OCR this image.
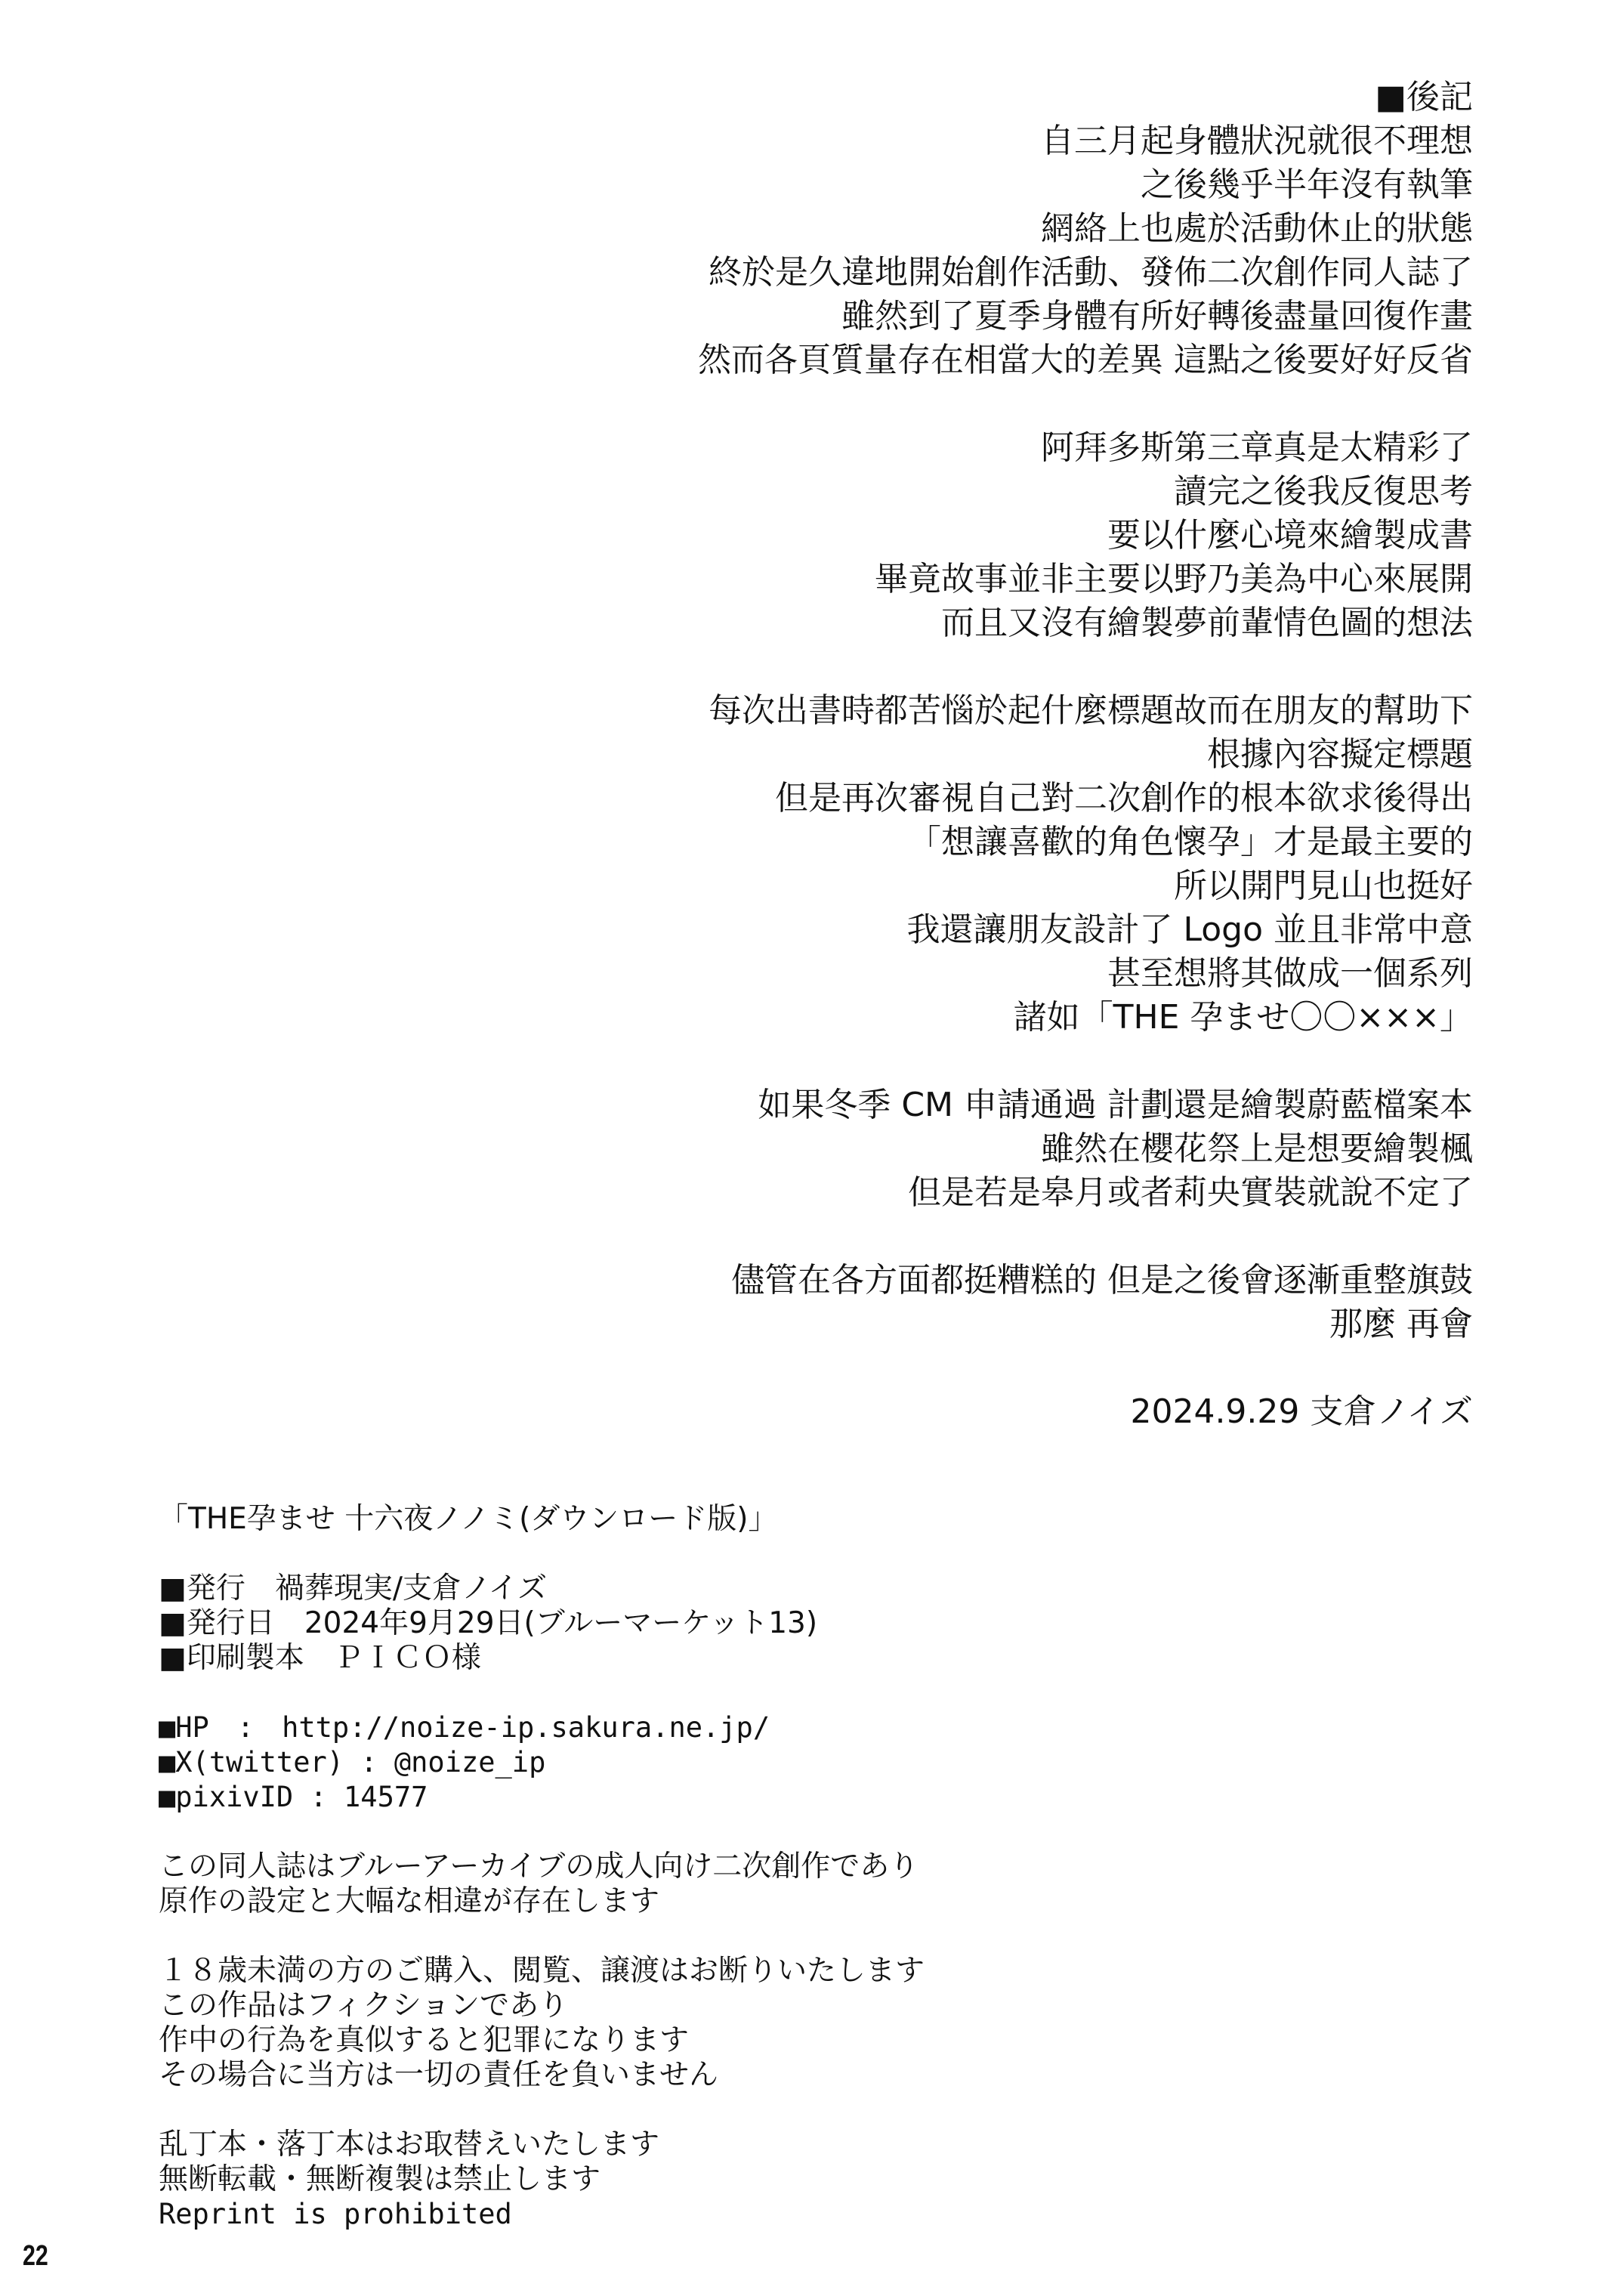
■後記
自三月起身體狀況就很不理想
之後幾乎半年沒有執筆
網絡上也處於活動休止的狀態
終於是久違地開始創作活動、發佈二次創作同人誌了
雖然到了夏季身體有所好轉後盡量回復作畫
然而各頁質量存在相當大的差異 這點之後要好好反省
阿拜多斯第三章真是太精彩了
讀完之後我反復思考
要以什麼心境來繪製成書
畢竟故事並非主要以野乃美為中心來展開
而且又沒有繪製夢前輩情色圖的想法
每次出書時都苦惱於起什麼標題故而在朋友的幫助下
根據內容擬定標題
但是再次審視自己對二次創作的根本欲求後得出
「想讓喜歡的角色懷孕」才是最主要的
所以開門見山也挺好
我還讓朋友設計了 Logo 並且非常中意
甚至想將其做成一個系列
諸如「THE 孕ませ〇〇×××」
如果冬季 CM 申請通過 計劃還是繪製蔚藍檔案本
雖然在櫻花祭上是想要繪製楓
但是若是皋月或者莉央實裝就說不定了
儘管在各方面都挺糟糕的 但是之後會逐漸重整旗鼓
那麼 再會
2024.9.29 支倉ノイズ
「THE孕ませ 十六夜ノノミ(ダウンロード版)」
■発行　禍葬現実/支倉ノイズ
■発行日　2024年9月29日(ブルーマーケット13)
■印刷製本　ＰＩＣＯ様
■HP　:　http://noize-ip.sakura.ne.jp/
■X(twitter) : @noize_ip
■pixivID : 14577
この同人誌はブルーアーカイブの成人向け二次創作であり
原作の設定と大幅な相違が存在します
１８歳未満の方のご購入、閲覧、譲渡はお断りいたします
この作品はフィクションであり
作中の行為を真似すると犯罪になります
その場合に当方は一切の責任を負いません
乱丁本・落丁本はお取替えいたします
無断転載・無断複製は禁止します
Reprint is prohibited
22
